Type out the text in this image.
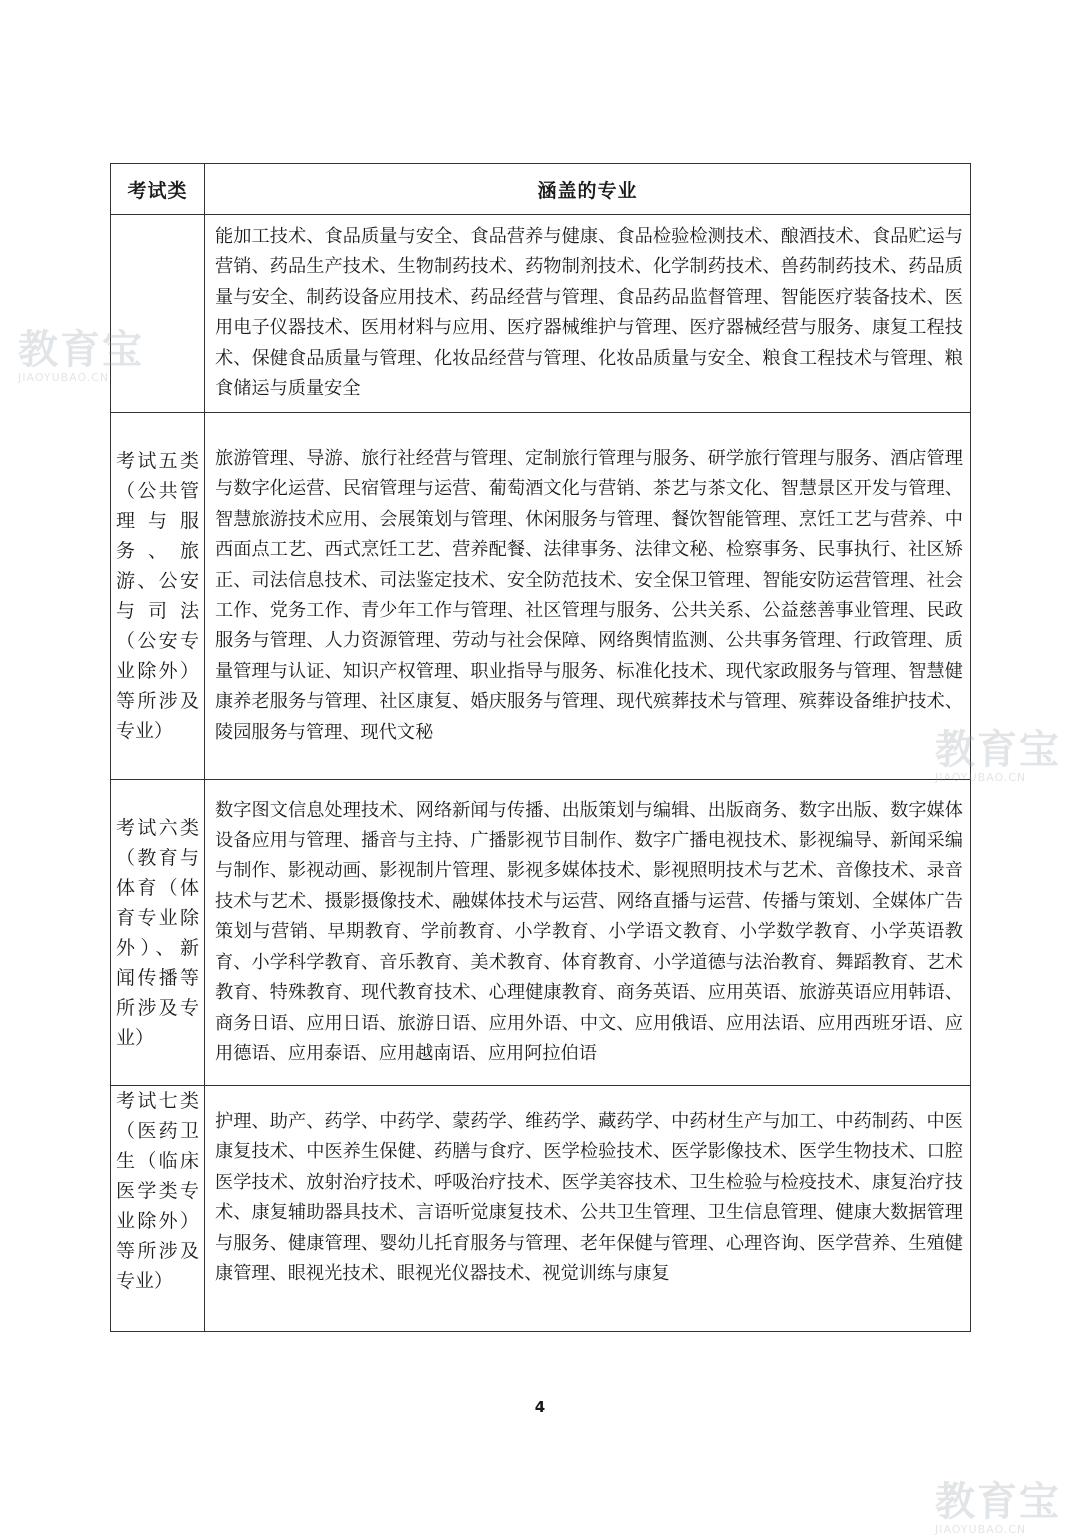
考试类	涵盖的专业

	能加工技术、食品质量与安全、食品营养与健康、食品检验检测技术、酿酒技术、食品贮运与营销、药品生产技术、生物制药技术、药物制剂技术、化学制药技术、兽药制药技术、药品质量与安全、制药设备应用技术、药品经营与管理、食品药品监督管理、智能医疗装备技术、医用电子仪器技术、医用材料与应用、医疗器械维护与管理、医疗器械经营与服务、康复工程技术、保健食品质量与管理、化妆品经营与管理、化妆品质量与安全、粮食工程技术与管理、粮食储运与质量安全

考试五类（公共管理与服务、旅游、公安与司法（公安专业除外）等所涉及专业）	旅游管理、导游、旅行社经营与管理、定制旅行管理与服务、研学旅行管理与服务、酒店管理与数字化运营、民宿管理与运营、葡萄酒文化与营销、茶艺与茶文化、智慧景区开发与管理、智慧旅游技术应用、会展策划与管理、休闲服务与管理、餐饮智能管理、烹饪工艺与营养、中西面点工艺、西式烹饪工艺、营养配餐、法律事务、法律文秘、检察事务、民事执行、社区矫正、司法信息技术、司法鉴定技术、安全防范技术、安全保卫管理、智能安防运营管理、社会工作、党务工作、青少年工作与管理、社区管理与服务、公共关系、公益慈善事业管理、民政服务与管理、人力资源管理、劳动与社会保障、网络舆情监测、公共事务管理、行政管理、质量管理与认证、知识产权管理、职业指导与服务、标准化技术、现代家政服务与管理、智慧健康养老服务与管理、社区康复、婚庆服务与管理、现代殡葬技术与管理、殡葬设备维护技术、陵园服务与管理、现代文秘

考试六类（教育与体育（体育专业除外）、新闻传播等所涉及专业）	数字图文信息处理技术、网络新闻与传播、出版策划与编辑、出版商务、数字出版、数字媒体设备应用与管理、播音与主持、广播影视节目制作、数字广播电视技术、影视编导、新闻采编与制作、影视动画、影视制片管理、影视多媒体技术、影视照明技术与艺术、音像技术、录音技术与艺术、摄影摄像技术、融媒体技术与运营、网络直播与运营、传播与策划、全媒体广告策划与营销、早期教育、学前教育、小学教育、小学语文教育、小学数学教育、小学英语教育、小学科学教育、音乐教育、美术教育、体育教育、小学道德与法治教育、舞蹈教育、艺术教育、特殊教育、现代教育技术、心理健康教育、商务英语、应用英语、旅游英语应用韩语、商务日语、应用日语、旅游日语、应用外语、中文、应用俄语、应用法语、应用西班牙语、应用德语、应用泰语、应用越南语、应用阿拉伯语

考试七类（医药卫生（临床医学类专业除外）等所涉及专业）	护理、助产、药学、中药学、蒙药学、维药学、藏药学、中药材生产与加工、中药制药、中医康复技术、中医养生保健、药膳与食疗、医学检验技术、医学影像技术、医学生物技术、口腔医学技术、放射治疗技术、呼吸治疗技术、医学美容技术、卫生检验与检疫技术、康复治疗技术、康复辅助器具技术、言语听觉康复技术、公共卫生管理、卫生信息管理、健康大数据管理与服务、健康管理、婴幼儿托育服务与管理、老年保健与管理、心理咨询、医学营养、生殖健康管理、眼视光技术、眼视光仪器技术、视觉训练与康复
4
教育宝
JIAOYUBAO.CN
教育宝
JIAOYUBAO.CN
教育宝
JIAOYUBAO.CN
